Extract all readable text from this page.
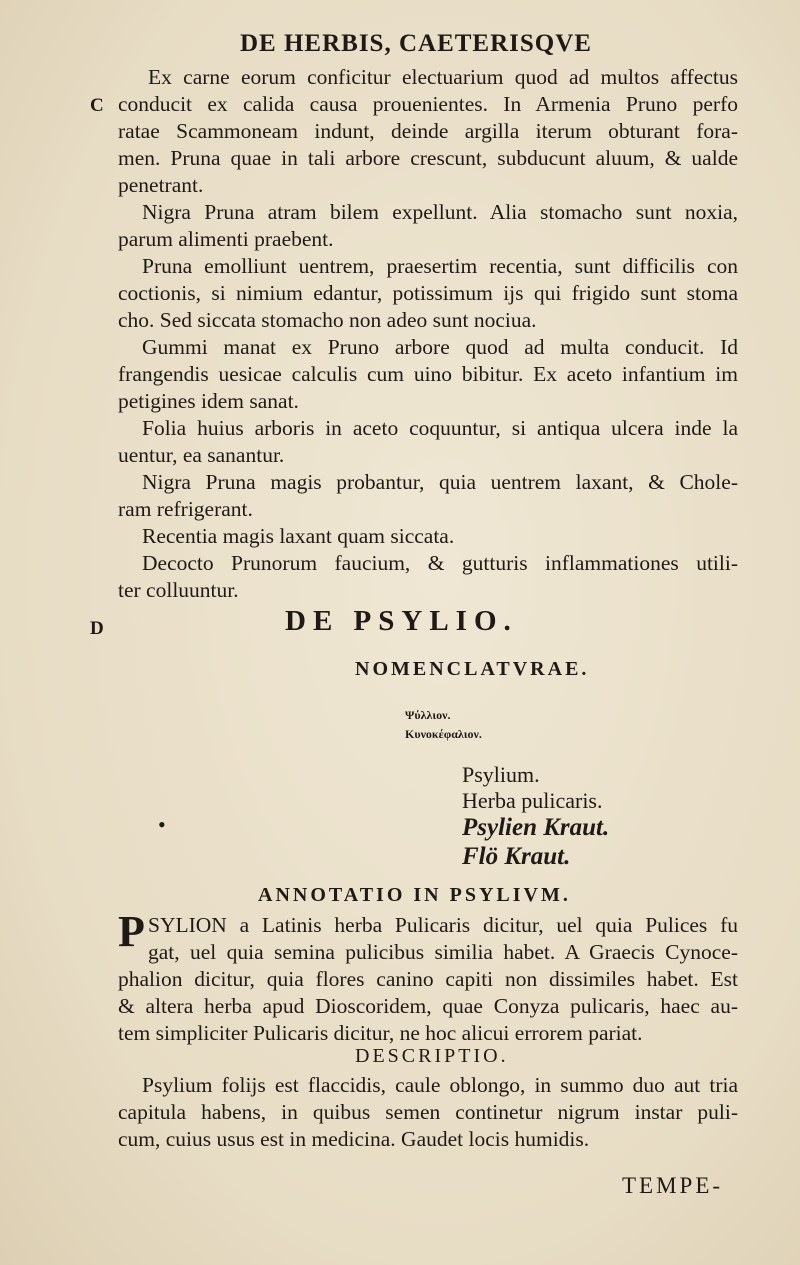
DE HERBIS, CAETERISQVE
C
D
Ex carne eorum conficitur electuarium quod ad multos affectus
conducit ex calida causa prouenientes. In Armenia Pruno perfo
ratae Scammoneam indunt, deinde argilla iterum obturant fora-
men. Pruna quae in tali arbore crescunt, subducunt aluum, & ualde
penetrant.
Nigra Pruna atram bilem expellunt. Alia stomacho sunt noxia,
parum alimenti praebent.
Pruna emolliunt uentrem, praesertim recentia, sunt difficilis con
coctionis, si nimium edantur, potissimum ijs qui frigido sunt stoma
cho. Sed siccata stomacho non adeo sunt nociua.
Gummi manat ex Pruno arbore quod ad multa conducit. Id
frangendis uesicae calculis cum uino bibitur. Ex aceto infantium im
petigines idem sanat.
Folia huius arboris in aceto coquuntur, si antiqua ulcera inde la
uentur, ea sanantur.
Nigra Pruna magis probantur, quia uentrem laxant, & Chole-
ram refrigerant.
Recentia magis laxant quam siccata.
Decocto Prunorum faucium, & gutturis inflammationes utili-
ter colluuntur.
DE PSYLIO.
NOMENCLATVRAE.
Ψύλλιον.
Κυνοκέφαλιον.
Psylium.
Herba pulicaris.
Psylien Kraut.
Flö Kraut.
ANNOTATIO IN PSYLIVM.
P SYLION a Latinis herba Pulicaris dicitur, uel quia Pulices fu
gat, uel quia semina pulicibus similia habet. A Graecis Cynoce-
phalion dicitur, quia flores canino capiti non dissimiles habet. Est
& altera herba apud Dioscoridem, quae Conyza pulicaris, haec au-
tem simpliciter Pulicaris dicitur, ne hoc alicui errorem pariat.
DESCRIPTIO.
Psylium folijs est flaccidis, caule oblongo, in summo duo aut tria
capitula habens, in quibus semen continetur nigrum instar puli-
cum, cuius usus est in medicina. Gaudet locis humidis.
TEMPE-
•
